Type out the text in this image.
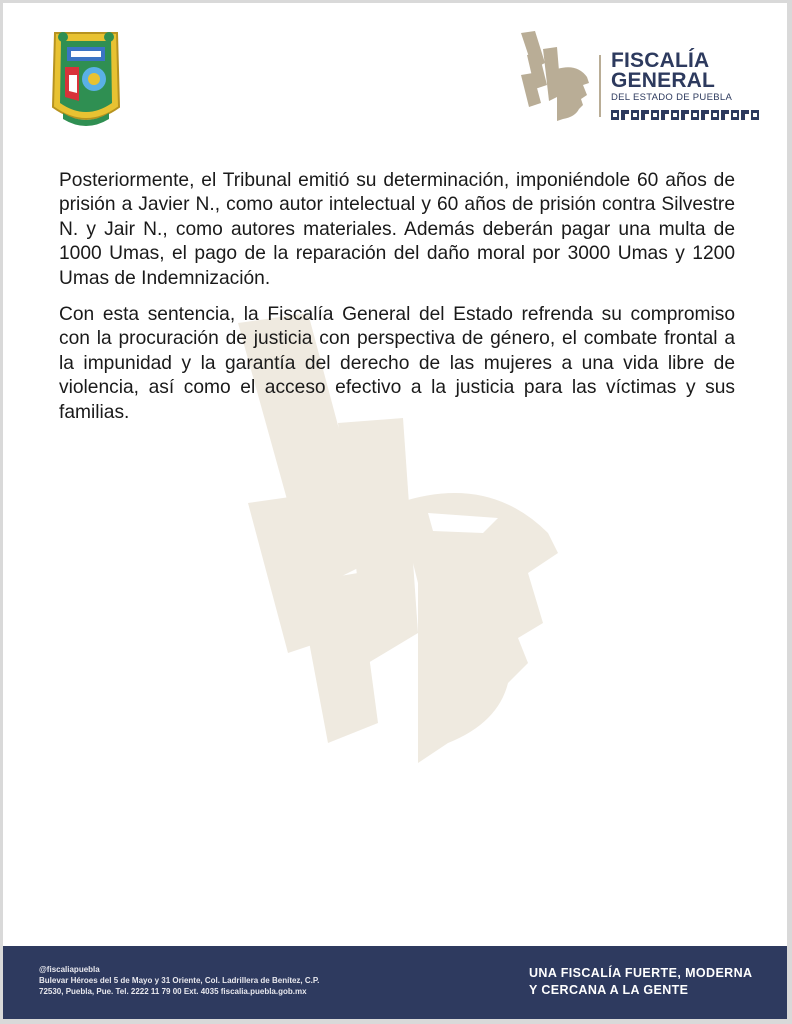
FISCALÍA
GENERAL
DEL ESTADO DE PUEBLA

Posteriormente, el Tribunal emitió su determinación, imponiéndole 60 años de prisión a Javier N., como autor intelectual y 60 años de prisión contra Silvestre N. y Jair N., como autores materiales. Además deberán pagar una multa de 1000 Umas, el pago de la reparación del daño moral por 3000 Umas y 1200 Umas de Indemnización.

Con esta sentencia, la Fiscalía General del Estado refrenda su compromiso con la procuración de justicia con perspectiva de género, el combate frontal a la impunidad y la garantía del derecho de las mujeres a una vida libre de violencia, así como el acceso efectivo a la justicia para las víctimas y sus familias.

@fiscaliapuebla
Bulevar Héroes del 5 de Mayo y 31 Oriente, Col. Ladrillera de Benítez, C.P.
72530, Puebla, Pue. Tel. 2222 11 79 00 Ext. 4035 fiscalia.puebla.gob.mx
UNA FISCALÍA FUERTE, MODERNA
Y CERCANA A LA GENTE
